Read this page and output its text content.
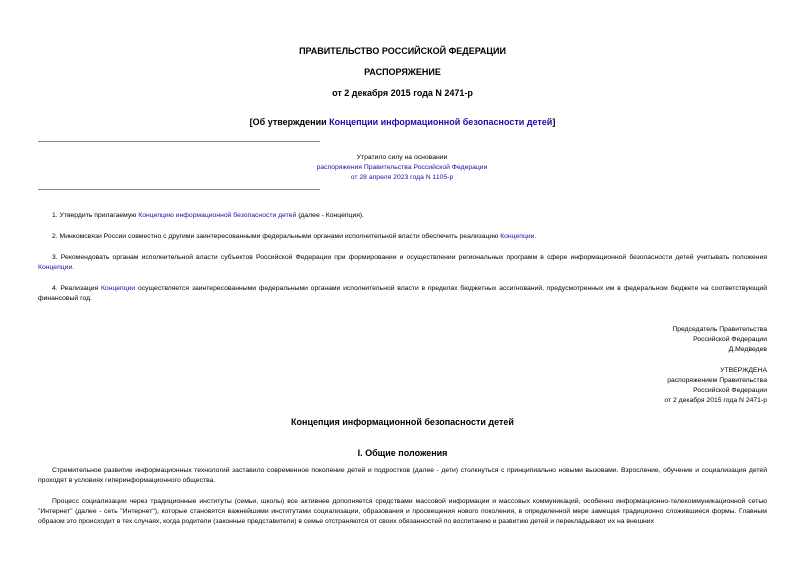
ПРАВИТЕЛЬСТВО РОССИЙСКОЙ ФЕДЕРАЦИИ
РАСПОРЯЖЕНИЕ
от 2 декабря 2015 года N 2471-р
[Об утверждении Концепции информационной безопасности детей]
Утратило силу на основании
распоряжения Правительства Российской Федерации
от 28 апреля 2023 года N 1105-р
1. Утвердить прилагаемую Концепцию информационной безопасности детей (далее - Концепция).
2. Минкомсвязи России совместно с другими заинтересованными федеральными органами исполнительной власти обеспечить реализацию Концепции.
3. Рекомендовать органам исполнительной власти субъектов Российской Федерации при формировании и осуществлении региональных программ в сфере информационной безопасности детей учитывать положения Концепции.
4. Реализация Концепции осуществляется заинтересованными федеральными органами исполнительной власти в пределах бюджетных ассигнований, предусмотренных им в федеральном бюджете на соответствующий финансовый год.
Председатель Правительства
Российской Федерации
Д.Медведев
УТВЕРЖДЕНА
распоряжением Правительства
Российской Федерации
от 2 декабря 2015 года N 2471-р
Концепция информационной безопасности детей
I. Общие положения
Стремительное развитие информационных технологий заставило современное поколение детей и подростков (далее - дети) столкнуться с принципиально новыми вызовами. Взросление, обучение и социализация детей проходят в условиях гиперинформационного общества.
Процесс социализации через традиционные институты (семьи, школы) все активнее дополняется средствами массовой информации и массовых коммуникаций, особенно информационно-телекоммуникационной сетью "Интернет" (далее - сеть "Интернет"), которые становятся важнейшими институтами социализации, образования и просвещения нового поколения, в определенной мере замещая традиционно сложившиеся формы. Главным образом это происходит в тех случаях, когда родители (законные представители) в семье отстраняются от своих обязанностей по воспитанию и развитию детей и перекладывают их на внешних
